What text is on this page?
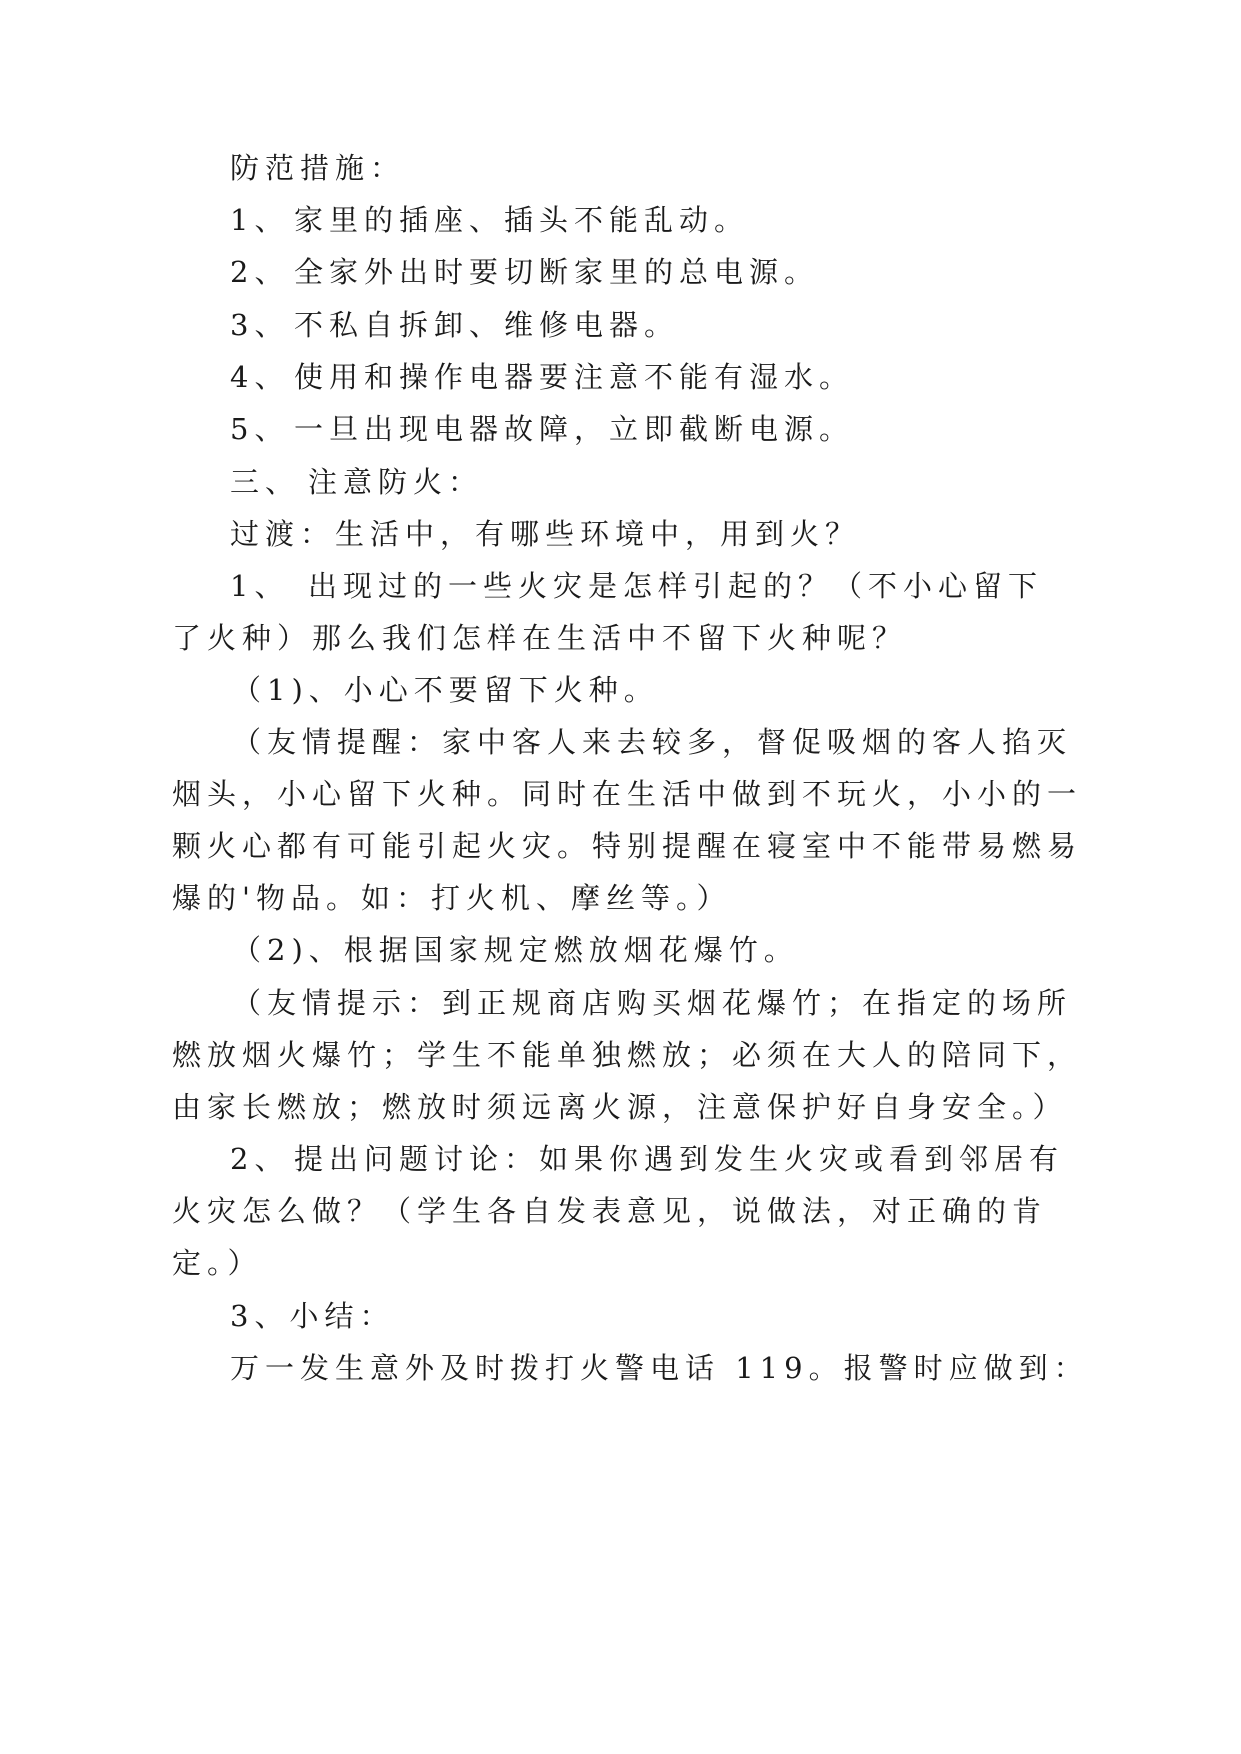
防范措施：
1、 家里的插座、插头不能乱动。
2、 全家外出时要切断家里的总电源。
3、 不私自拆卸、维修电器。
4、 使用和操作电器要注意不能有湿水。
5、 一旦出现电器故障，立即截断电源。
三、 注意防火：
过渡：生活中，有哪些环境中，用到火？
1、 出现过的一些火灾是怎样引起的？（不小心留下
了火种）那么我们怎样在生活中不留下火种呢？
（1)、小心不要留下火种。
（友情提醒：家中客人来去较多，督促吸烟的客人掐灭
烟头，小心留下火种。同时在生活中做到不玩火，小小的一
颗火心都有可能引起火灾。特别提醒在寝室中不能带易燃易
爆的'物品。如：打火机、摩丝等。）
（2)、根据国家规定燃放烟花爆竹。
（友情提示：到正规商店购买烟花爆竹；在指定的场所
燃放烟火爆竹；学生不能单独燃放；必须在大人的陪同下，
由家长燃放；燃放时须远离火源，注意保护好自身安全。）
2、 提出问题讨论：如果你遇到发生火灾或看到邻居有
火灾怎么做？（学生各自发表意见，说做法，对正确的肯
定。）
3、小结：
万一发生意外及时拨打火警电话 119。报警时应做到：
